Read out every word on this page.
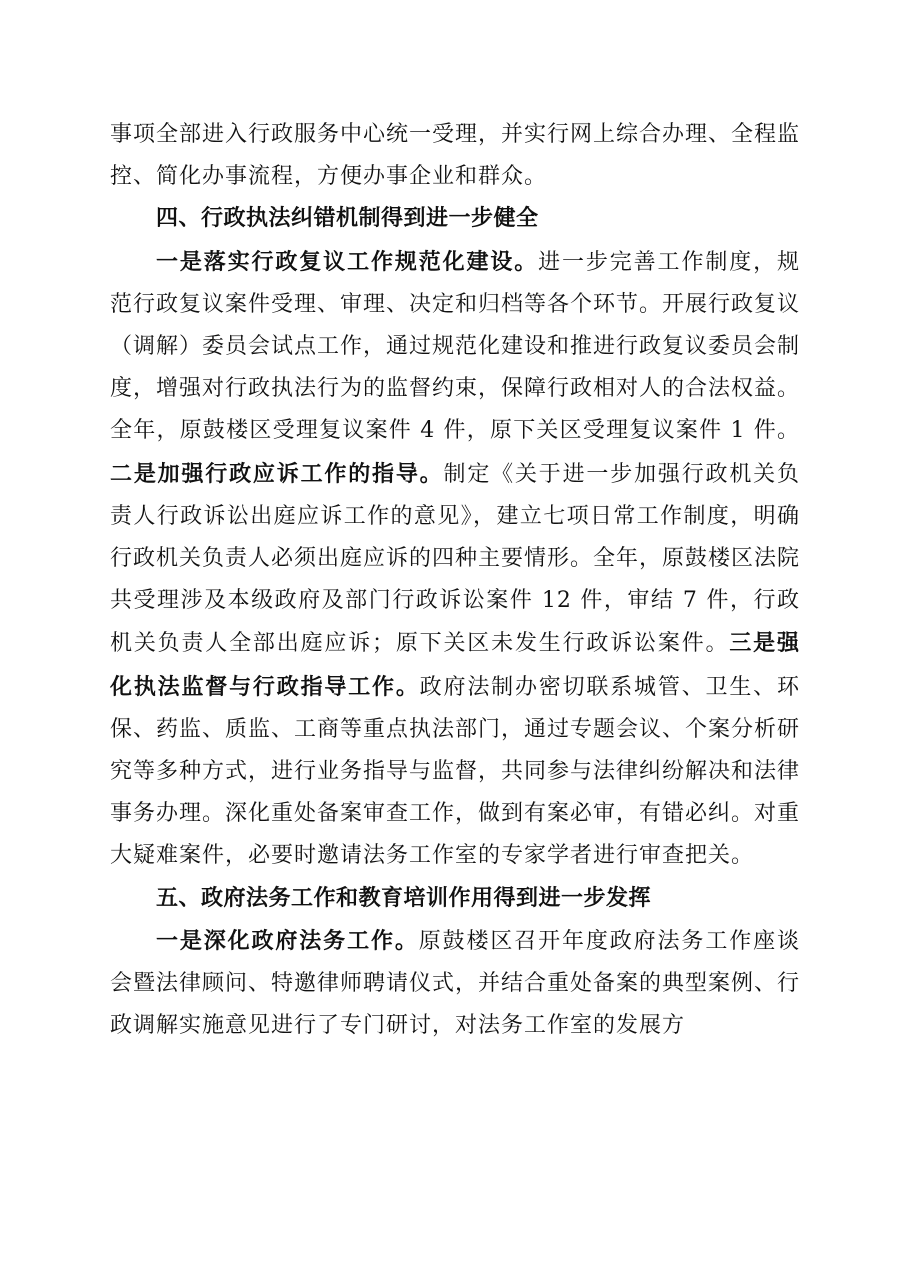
事项全部进入行政服务中心统一受理，并实行网上综合办理、全程监控、简化办事流程，方便办事企业和群众。

四、行政执法纠错机制得到进一步健全

一是落实行政复议工作规范化建设。进一步完善工作制度，规范行政复议案件受理、审理、决定和归档等各个环节。开展行政复议（调解）委员会试点工作，通过规范化建设和推进行政复议委员会制度，增强对行政执法行为的监督约束，保障行政相对人的合法权益。全年，原鼓楼区受理复议案件 4 件，原下关区受理复议案件 1 件。二是加强行政应诉工作的指导。制定《关于进一步加强行政机关负责人行政诉讼出庭应诉工作的意见》，建立七项日常工作制度，明确行政机关负责人必须出庭应诉的四种主要情形。全年，原鼓楼区法院共受理涉及本级政府及部门行政诉讼案件 12 件，审结 7 件，行政机关负责人全部出庭应诉；原下关区未发生行政诉讼案件。三是强化执法监督与行政指导工作。政府法制办密切联系城管、卫生、环保、药监、质监、工商等重点执法部门，通过专题会议、个案分析研究等多种方式，进行业务指导与监督，共同参与法律纠纷解决和法律事务办理。深化重处备案审查工作，做到有案必审，有错必纠。对重大疑难案件，必要时邀请法务工作室的专家学者进行审查把关。

五、政府法务工作和教育培训作用得到进一步发挥

一是深化政府法务工作。原鼓楼区召开年度政府法务工作座谈会暨法律顾问、特邀律师聘请仪式，并结合重处备案的典型案例、行政调解实施意见进行了专门研讨，对法务工作室的发展方
